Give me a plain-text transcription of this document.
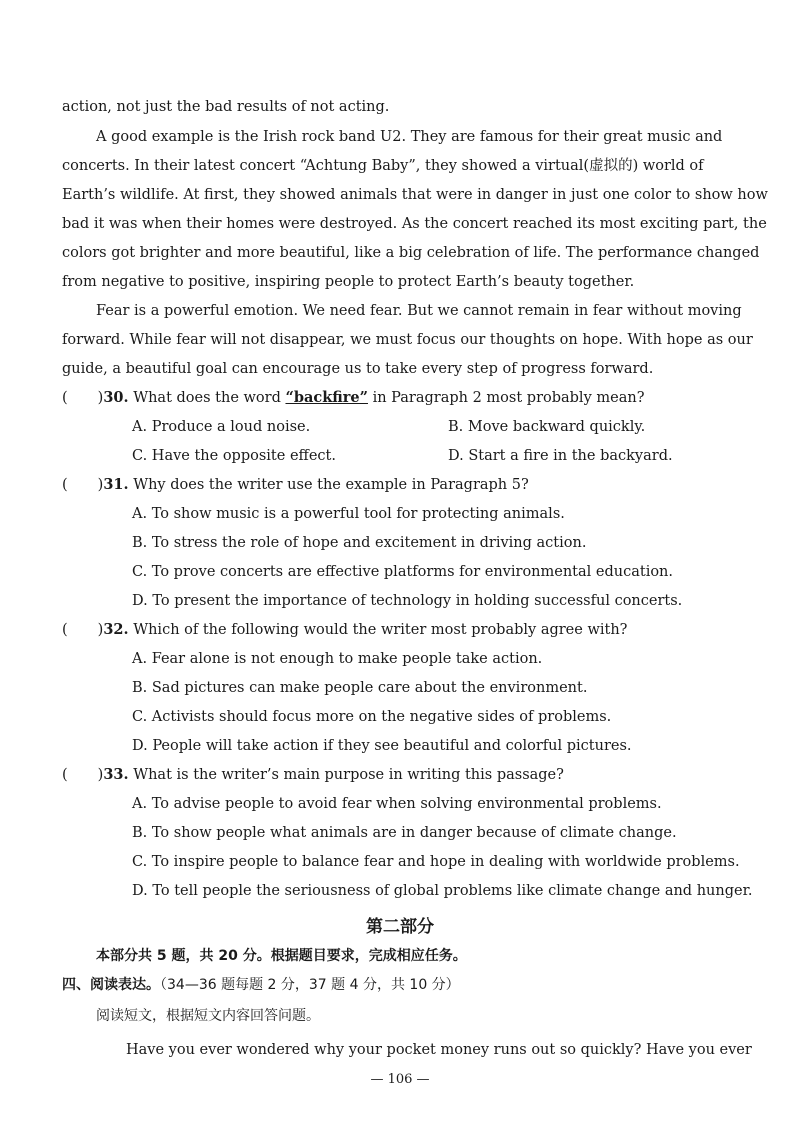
action, not just the bad results of not acting.
A good example is the Irish rock band U2. They are famous for their great music and
concerts. In their latest concert “Achtung Baby”, they showed a virtual(虚拟的) world of
Earth’s wildlife. At first, they showed animals that were in danger in just one color to show how
bad it was when their homes were destroyed. As the concert reached its most exciting part, the
colors got brighter and more beautiful, like a big celebration of life. The performance changed
from negative to positive, inspiring people to protect Earth’s beauty together.
Fear is a powerful emotion. We need fear. But we cannot remain in fear without moving
forward. While fear will not disappear, we must focus our thoughts on hope. With hope as our
guide, a beautiful goal can encourage us to take every step of progress forward.
( )30. What does the word “backfire” in Paragraph 2 most probably mean?
A. Produce a loud noise.	B. Move backward quickly.
C. Have the opposite effect.	D. Start a fire in the backyard.
( )31. Why does the writer use the example in Paragraph 5?
A. To show music is a powerful tool for protecting animals.
B. To stress the role of hope and excitement in driving action.
C. To prove concerts are effective platforms for environmental education.
D. To present the importance of technology in holding successful concerts.
( )32. Which of the following would the writer most probably agree with?
A. Fear alone is not enough to make people take action.
B. Sad pictures can make people care about the environment.
C. Activists should focus more on the negative sides of problems.
D. People will take action if they see beautiful and colorful pictures.
( )33. What is the writer’s main purpose in writing this passage?
A. To advise people to avoid fear when solving environmental problems.
B. To show people what animals are in danger because of climate change.
C. To inspire people to balance fear and hope in dealing with worldwide problems.
D. To tell people the seriousness of global problems like climate change and hunger.
第二部分
本部分共 5 题，共 20 分。根据题目要求，完成相应任务。
四、阅读表达。（34—36 题每题 2 分，37 题 4 分，共 10 分）
阅读短文，根据短文内容回答问题。
Have you ever wondered why your pocket money runs out so quickly? Have you ever
— 106 —
